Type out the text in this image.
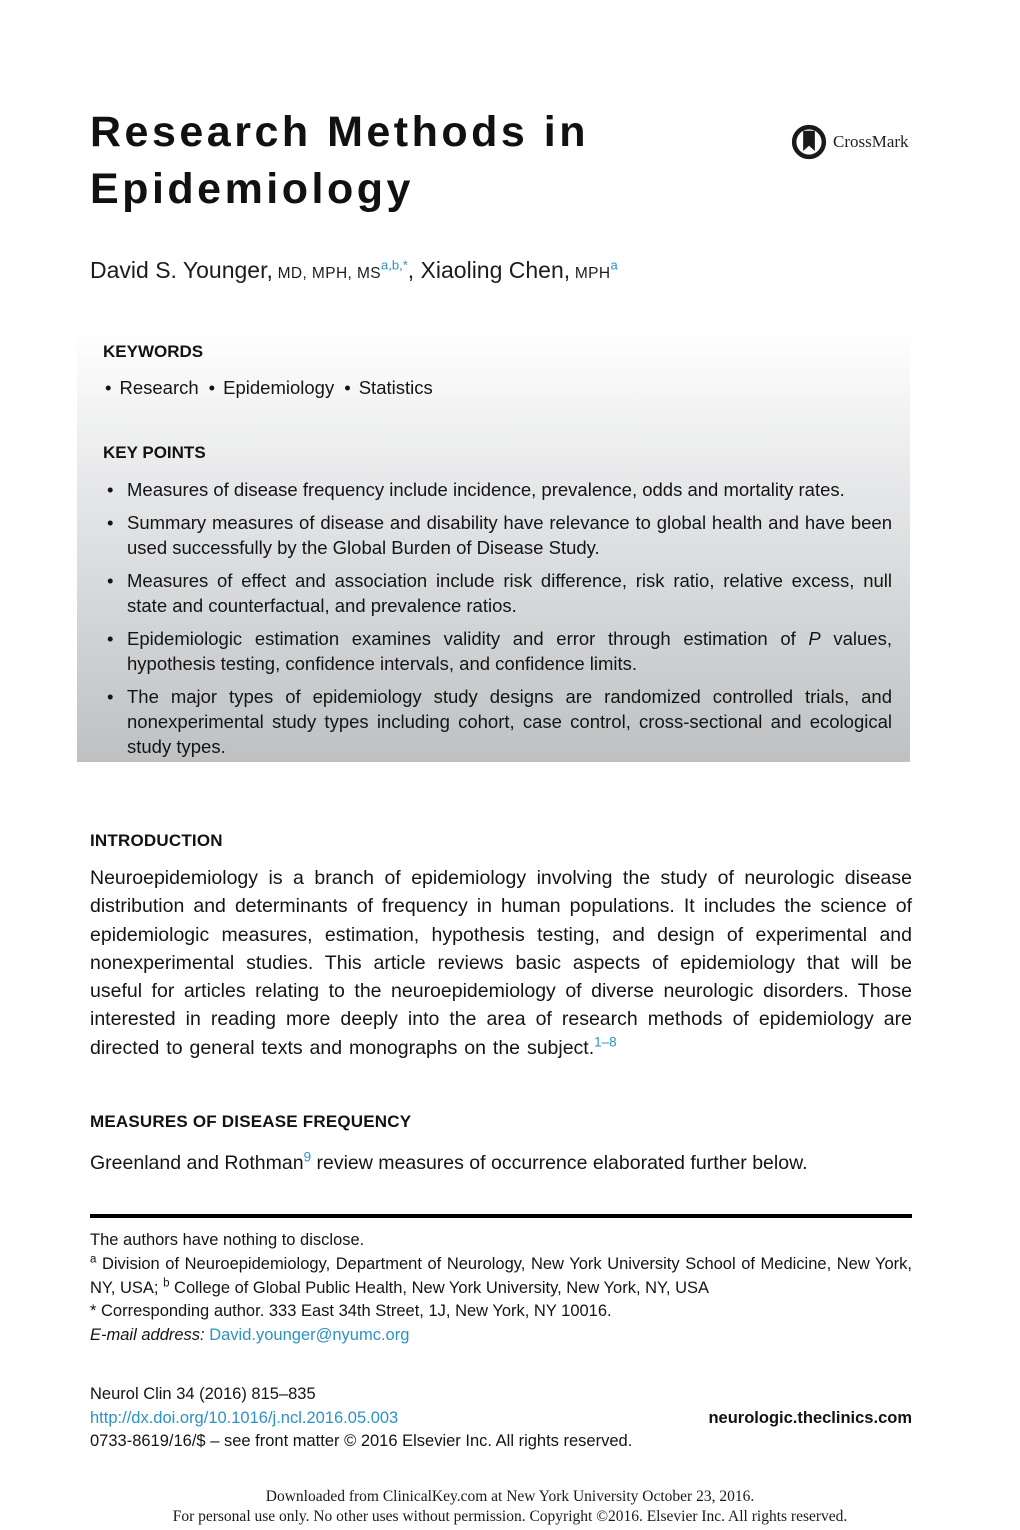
Research Methods in
Epidemiology
CrossMark

David S. Younger, MD, MPH, MS$^{a,b,*}$, Xiaoling Chen, MPH$^a$

KEYWORDS

• Research • Epidemiology • Statistics

KEY POINTS
• Measures of disease frequency include incidence, prevalence, odds and mortality rates.
• Summary measures of disease and disability have relevance to global health and have been used successfully by the Global Burden of Disease Study.
• Measures of effect and association include risk difference, risk ratio, relative excess, null state and counterfactual, and prevalence ratios.
• Epidemiologic estimation examines validity and error through estimation of P values, hypothesis testing, confidence intervals, and confidence limits.
• The major types of epidemiology study designs are randomized controlled trials, and nonexperimental study types including cohort, case control, cross-sectional and ecological study types.
INTRODUCTION

Neuroepidemiology is a branch of epidemiology involving the study of neurologic disease distribution and determinants of frequency in human populations. It includes the science of epidemiologic measures, estimation, hypothesis testing, and design of experimental and nonexperimental studies. This article reviews basic aspects of epidemiology that will be useful for articles relating to the neuroepidemiology of diverse neurologic disorders. Those interested in reading more deeply into the area of research methods of epidemiology are directed to general texts and monographs on the subject.$^{1-8}$

MEASURES OF DISEASE FREQUENCY

Greenland and Rothman$^9$ review measures of occurrence elaborated further below.

The authors have nothing to disclose.

$^a$ Division of Neuroepidemiology, Department of Neurology, New York University School of Medicine, New York, NY, USA; $^b$ College of Global Public Health, New York University, New York, NY, USA

* Corresponding author. 333 East 34th Street, 1J, New York, NY 10016.

E-mail address: David.younger@nyumc.org

Neurol Clin 34 (2016) 815–835

http://dx.doi.org/10.1016/j.ncl.2016.05.003	neurologic.theclinics.com

0733-8619/16/$ – see front matter © 2016 Elsevier Inc. All rights reserved.

Downloaded from ClinicalKey.com at New York University October 23, 2016.

For personal use only. No other uses without permission. Copyright ©2016. Elsevier Inc. All rights reserved.
